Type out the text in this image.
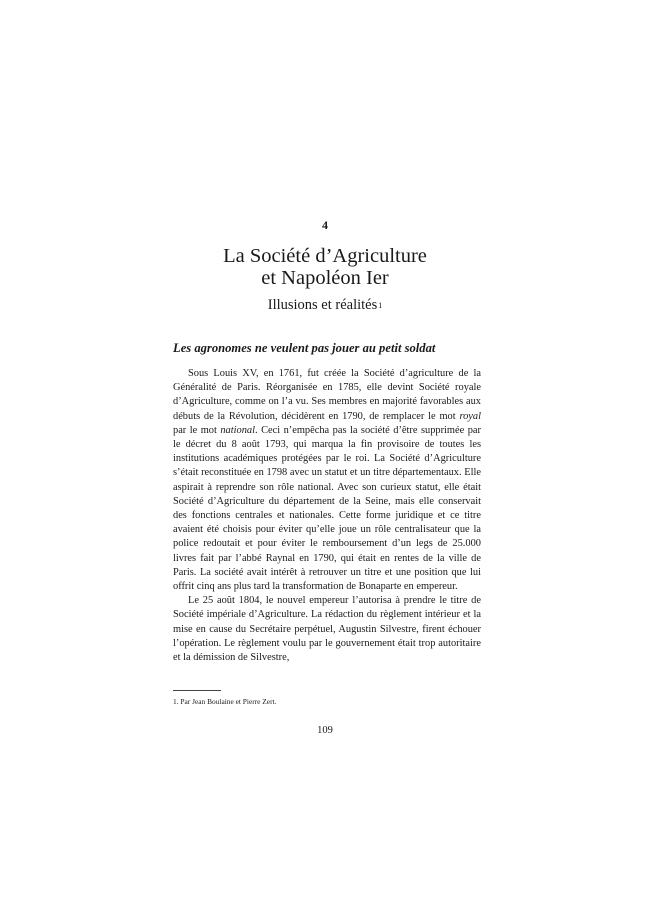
4
La Société d’Agriculture
et Napoléon Ier
Illusions et réalités$^1$
Les agronomes ne veulent pas jouer au petit soldat

Sous Louis XV, en 1761, fut créée la Société d’agriculture de la Généralité de Paris. Réorganisée en 1785, elle devint Société royale d’Agriculture, comme on l’a vu. Ses membres en majorité favorables aux débuts de la Révolution, décidèrent en 1790, de remplacer le mot royal par le mot national. Ceci n’empêcha pas la société d’être supprimée par le décret du 8 août 1793, qui marqua la fin provisoire de toutes les institutions académiques protégées par le roi. La Société d’Agriculture s’était reconstituée en 1798 avec un statut et un titre départementaux. Elle aspirait à reprendre son rôle national. Avec son curieux statut, elle était Société d’Agriculture du département de la Seine, mais elle conservait des fonctions centrales et nationales. Cette forme juridique et ce titre avaient été choisis pour éviter qu’elle joue un rôle centralisateur que la police redoutait et pour éviter le remboursement d’un legs de 25.000 livres fait par l’abbé Raynal en 1790, qui était en rentes de la ville de Paris. La société avait intérêt à retrouver un titre et une position que lui offrit cinq ans plus tard la transformation de Bonaparte en empereur.

Le 25 août 1804, le nouvel empereur l’autorisa à prendre le titre de Société impériale d’Agriculture. La rédaction du règlement intérieur et la mise en cause du Secrétaire perpétuel, Augustin Silvestre, firent échouer l’opération. Le règlement voulu par le gouvernement était trop autoritaire et la démission de Silvestre,

1. Par Jean Boulaine et Pierre Zert.
109
